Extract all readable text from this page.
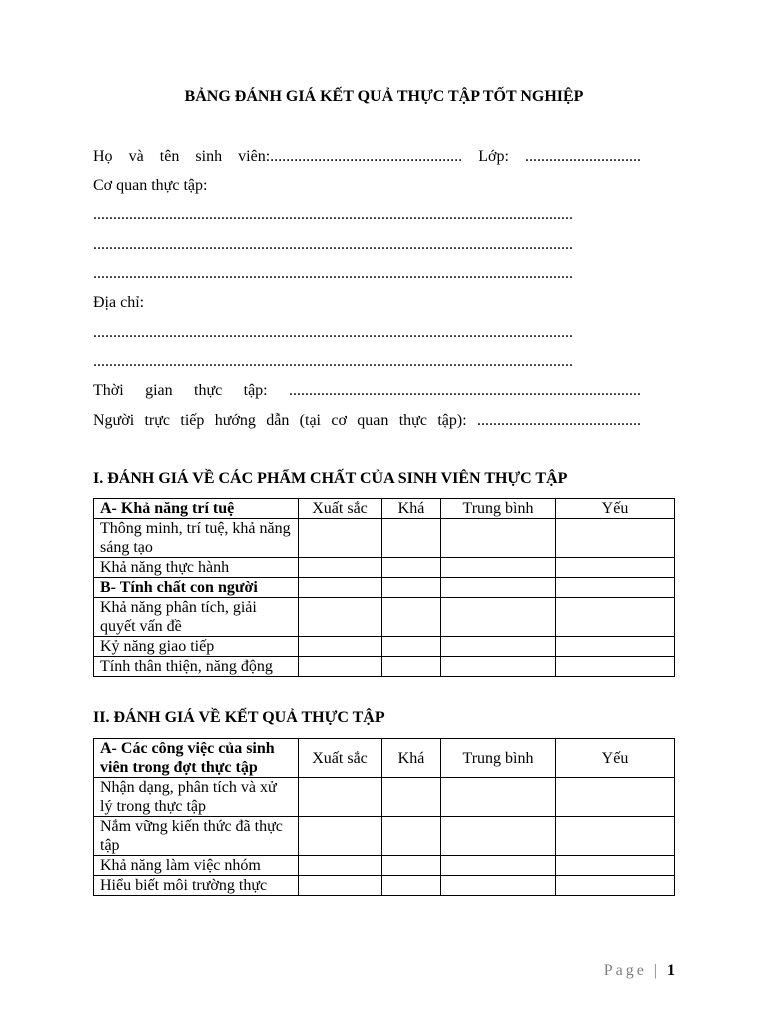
BẢNG ĐÁNH GIÁ KẾT QUẢ THỰC TẬP TỐT NGHIỆP
Họ và tên sinh viên:................................................ Lớp: .............................
Cơ quan thực tập:
........................................................................................................................
........................................................................................................................
........................................................................................................................
Địa chỉ:
........................................................................................................................
........................................................................................................................
Thời gian thực tập: ........................................................................................
Người trực tiếp hướng dẫn (tại cơ quan thực tập): .........................................
I. ĐÁNH GIÁ VỀ CÁC PHẨM CHẤT CỦA SINH VIÊN THỰC TẬP
A- Khả năng trí tuệ	Xuất sắc	Khá	Trung bình	Yếu
Thông minh, trí tuệ, khả năng sáng tạo				
Khả năng thực hành				
B- Tính chất con người				
Khả năng phân tích, giải quyết vấn đề				
Kỷ năng giao tiếp				
Tính thân thiện, năng động				
II. ĐÁNH GIÁ VỀ KẾT QUẢ THỰC TẬP
A- Các công việc của sinh viên trong đợt thực tập	Xuất sắc	Khá	Trung bình	Yếu
Nhận dạng, phân tích và xử lý trong thực tập				
Nắm vững kiến thức đã thực tập				
Khả năng làm việc nhóm				
Hiểu biết môi trường thực				
Page | 1
